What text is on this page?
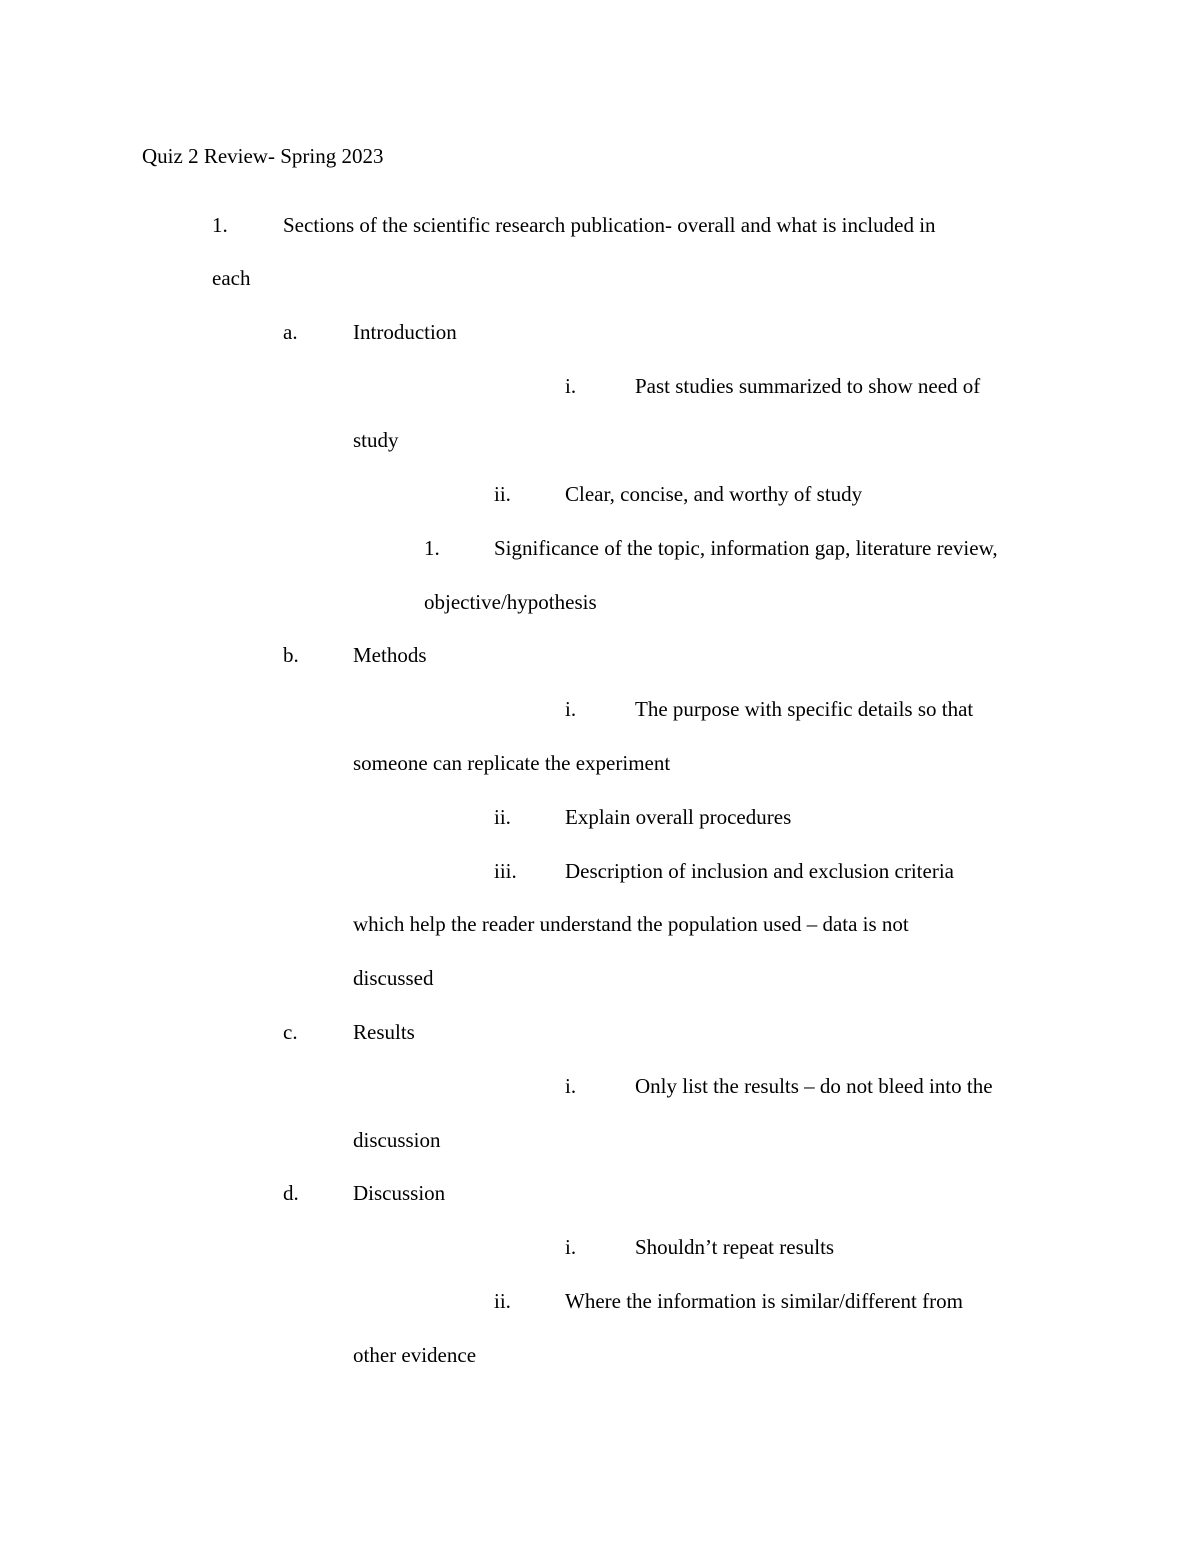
Quiz 2 Review- Spring 2023
1.	Sections of the scientific research publication- overall and what is included in
each
a.	Introduction
i.	Past studies summarized to show need of
study
ii.	Clear, concise, and worthy of study
1.	Significance of the topic, information gap, literature review,
objective/hypothesis
b.	Methods
i.	The purpose with specific details so that
someone can replicate the experiment
ii.	Explain overall procedures
iii. Description of inclusion and exclusion criteria
which help the reader understand the population used – data is not
discussed
c.	Results
i.	Only list the results – do not bleed into the
discussion
d.	Discussion
i.	Shouldn’t repeat results
ii.	Where the information is similar/different from
other evidence
